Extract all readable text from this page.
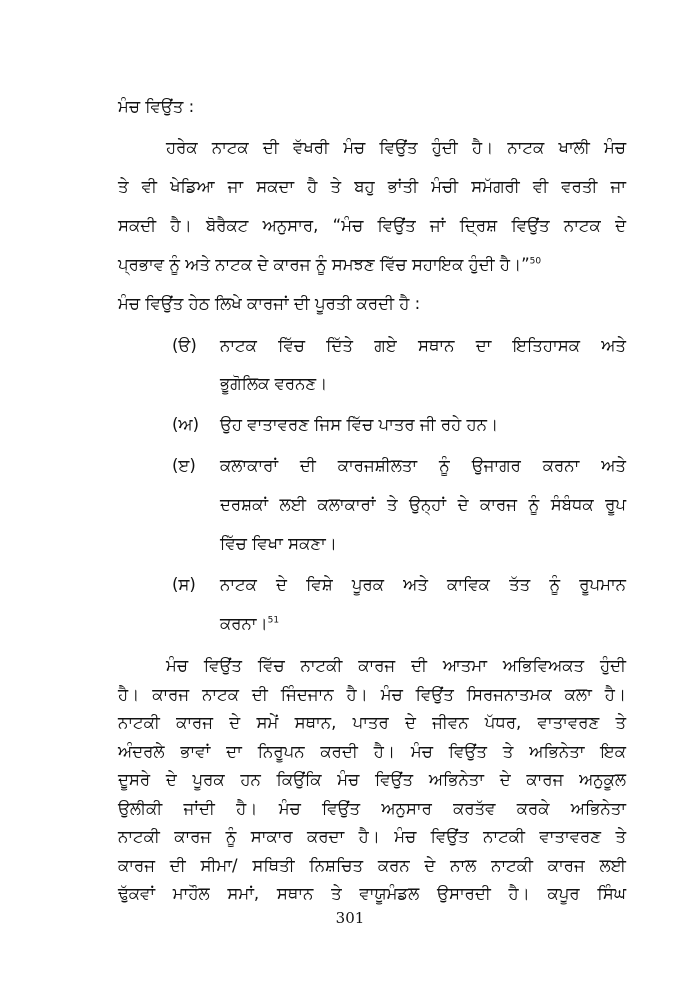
ਮੰਚ ਵਿਉਂਤ :
ਹਰੇਕ ਨਾਟਕ ਦੀ ਵੱਖਰੀ ਮੰਚ ਵਿਉਂਤ ਹੁੰਦੀ ਹੈ। ਨਾਟਕ ਖਾਲੀ ਮੰਚ
ਤੇ ਵੀ ਖੇਡਿਆ ਜਾ ਸਕਦਾ ਹੈ ਤੇ ਬਹੁ ਭਾਂਤੀ ਮੰਚੀ ਸਮੱਗਰੀ ਵੀ ਵਰਤੀ ਜਾ
ਸਕਦੀ ਹੈ। ਬੋਰੈਕਟ ਅਨੁਸਾਰ, “ਮੰਚ ਵਿਉਂਤ ਜਾਂ ਦ੍ਰਿਸ਼ ਵਿਉਂਤ ਨਾਟਕ ਦੇ
ਪ੍ਰਭਾਵ ਨੂੰ ਅਤੇ ਨਾਟਕ ਦੇ ਕਾਰਜ ਨੂੰ ਸਮਝਣ ਵਿੱਚ ਸਹਾਇਕ ਹੁੰਦੀ ਹੈ।”$^{50}$
ਮੰਚ ਵਿਉਂਤ ਹੇਠ ਲਿਖੇ ਕਾਰਜਾਂ ਦੀ ਪੂਰਤੀ ਕਰਦੀ ਹੈ :
(ੳ) ਨਾਟਕ ਵਿੱਚ ਦਿੱਤੇ ਗਏ ਸਥਾਨ ਦਾ ਇਤਿਹਾਸਕ ਅਤੇ
ਭੂਗੋਲਿਕ ਵਰਨਣ।
(ਅ) ਉਹ ਵਾਤਾਵਰਣ ਜਿਸ ਵਿੱਚ ਪਾਤਰ ਜੀ ਰਹੇ ਹਨ।
(ੲ) ਕਲਾਕਾਰਾਂ ਦੀ ਕਾਰਜਸ਼ੀਲਤਾ ਨੂੰ ਉਜਾਗਰ ਕਰਨਾ ਅਤੇ
ਦਰਸ਼ਕਾਂ ਲਈ ਕਲਾਕਾਰਾਂ ਤੇ ਉਨ੍ਹਾਂ ਦੇ ਕਾਰਜ ਨੂੰ ਸੰਬੰਧਕ ਰੂਪ
ਵਿੱਚ ਵਿਖਾ ਸਕਣਾ।
(ਸ) ਨਾਟਕ ਦੇ ਵਿਸ਼ੇ ਪੂਰਕ ਅਤੇ ਕਾਵਿਕ ਤੱਤ ਨੂੰ ਰੂਪਮਾਨ
ਕਰਨਾ।$^{51}$
ਮੰਚ ਵਿਉਂਤ ਵਿੱਚ ਨਾਟਕੀ ਕਾਰਜ ਦੀ ਆਤਮਾ ਅਭਿਵਿਅਕਤ ਹੁੰਦੀ
ਹੈ। ਕਾਰਜ ਨਾਟਕ ਦੀ ਜਿੰਦਜਾਨ ਹੈ। ਮੰਚ ਵਿਉਂਤ ਸਿਰਜਨਾਤਮਕ ਕਲਾ ਹੈ।
ਨਾਟਕੀ ਕਾਰਜ ਦੇ ਸਮੇਂ ਸਥਾਨ, ਪਾਤਰ ਦੇ ਜੀਵਨ ਪੱਧਰ, ਵਾਤਾਵਰਣ ਤੇ
ਅੰਦਰਲੇ ਭਾਵਾਂ ਦਾ ਨਿਰੂਪਨ ਕਰਦੀ ਹੈ। ਮੰਚ ਵਿਉਂਤ ਤੇ ਅਭਿਨੇਤਾ ਇਕ
ਦੂਸਰੇ ਦੇ ਪੂਰਕ ਹਨ ਕਿਉਂਕਿ ਮੰਚ ਵਿਉਂਤ ਅਭਿਨੇਤਾ ਦੇ ਕਾਰਜ ਅਨੁਕੂਲ
ਉਲੀਕੀ ਜਾਂਦੀ ਹੈ। ਮੰਚ ਵਿਉਂਤ ਅਨੁਸਾਰ ਕਰਤੱਵ ਕਰਕੇ ਅਭਿਨੇਤਾ
ਨਾਟਕੀ ਕਾਰਜ ਨੂੰ ਸਾਕਾਰ ਕਰਦਾ ਹੈ। ਮੰਚ ਵਿਉਂਤ ਨਾਟਕੀ ਵਾਤਾਵਰਣ ਤੇ
301
ਕਾਰਜ ਦੀ ਸੀਮਾ/ ਸਥਿਤੀ ਨਿਸ਼ਚਿਤ ਕਰਨ ਦੇ ਨਾਲ ਨਾਟਕੀ ਕਾਰਜ ਲਈ
ਢੁੱਕਵਾਂ ਮਾਹੌਲ ਸਮਾਂ, ਸਥਾਨ ਤੇ ਵਾਯੂਮੰਡਲ ਉਸਾਰਦੀ ਹੈ। ਕਪੂਰ ਸਿੰਘ
